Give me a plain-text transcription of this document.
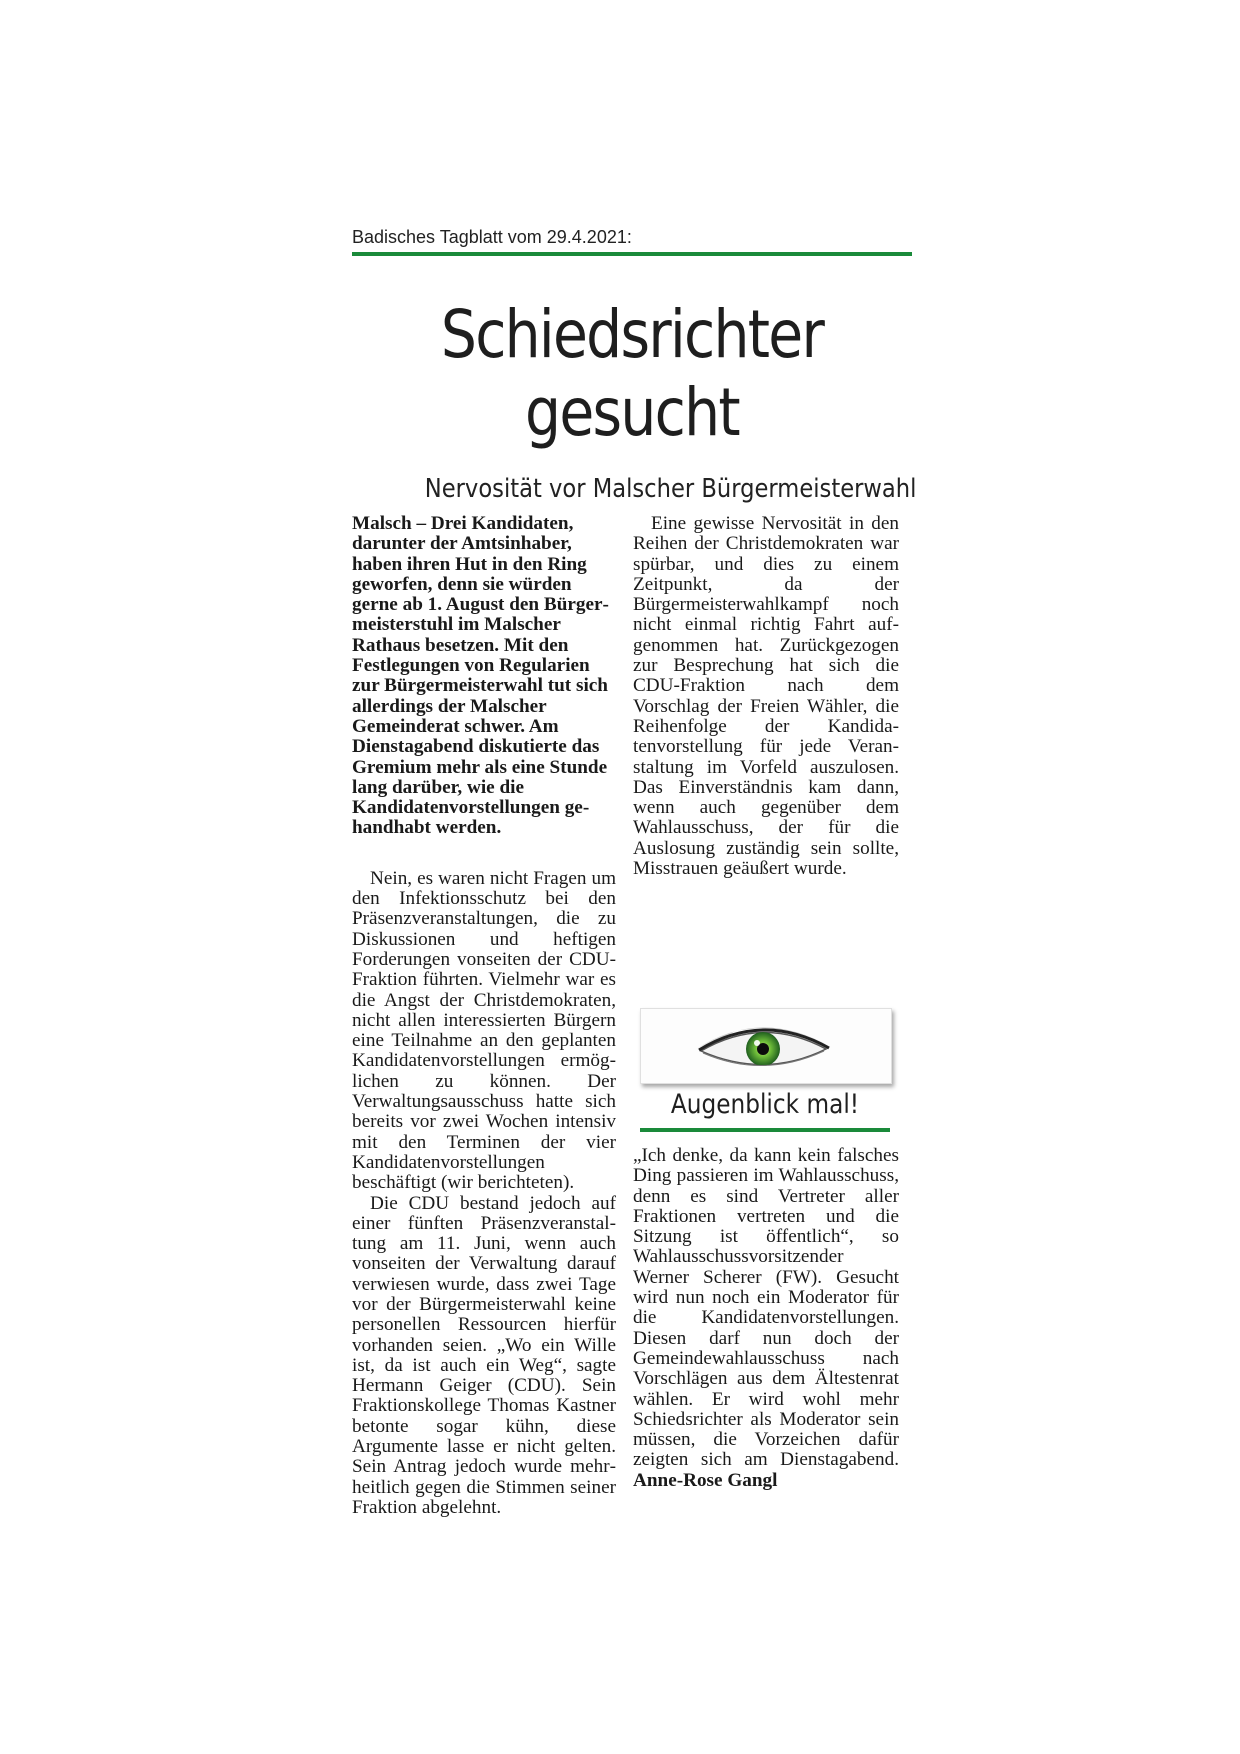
Badisches Tagblatt vom 29.4.2021:
Schiedsrichter
gesucht
Nervosität vor Malscher Bürgermeisterwahl

Malsch – Drei Kandidaten, darunter der Amtsinhaber, haben ihren Hut in den Ring geworfen, denn sie würden gerne ab 1. August den Bürgermeisterstuhl im Malscher Rathaus besetzen. Mit den Festlegungen von Regularien zur Bürgermeisterwahl tut sich allerdings der Malscher Gemeinderat schwer. Am Dienstagabend diskutierte das Gremium mehr als eine Stunde lang darüber, wie die Kandidatenvorstellungen gehandhabt werden.

Nein, es waren nicht Fragen um den Infektionsschutz bei den Präsenzveranstaltungen, die zu Diskussionen und heftigen Forderungen vonseiten der CDU-Fraktion führten. Vielmehr war es die Angst der Christdemokraten, nicht allen interessierten Bürgern eine Teilnahme an den geplanten Kandidatenvorstellungen ermöglichen zu können. Der Verwaltungsausschuss hatte sich bereits vor zwei Wochen intensiv mit den Terminen der vier Kandidatenvorstellungen beschäftigt (wir berichteten).

Die CDU bestand jedoch auf einer fünften Präsenzveranstaltung am 11. Juni, wenn auch vonseiten der Verwaltung darauf verwiesen wurde, dass zwei Tage vor der Bürgermeisterwahl keine personellen Ressourcen hierfür vorhanden seien. „Wo ein Wille ist, da ist auch ein Weg“, sagte Hermann Geiger (CDU). Sein Fraktionskollege Thomas Kastner betonte sogar kühn, diese Argumente lasse er nicht gelten. Sein Antrag jedoch wurde mehrheitlich gegen die Stimmen seiner Fraktion abgelehnt.

Eine gewisse Nervosität in den Reihen der Christdemokraten war spürbar, und dies zu einem Zeitpunkt, da der Bürgermeisterwahlkampf noch nicht einmal richtig Fahrt aufgenommen hat. Zurückgezogen zur Besprechung hat sich die CDU-Fraktion nach dem Vorschlag der Freien Wähler, die Reihenfolge der Kandidatenvorstellung für jede Veranstaltung im Vorfeld auszulosen. Das Einverständnis kam dann, wenn auch gegenüber dem Wahlausschuss, der für die Auslosung zuständig sein sollte, Misstrauen geäußert wurde.

Augenblick mal!

„Ich denke, da kann kein falsches Ding passieren im Wahlausschuss, denn es sind Vertreter aller Fraktionen vertreten und die Sitzung ist öffentlich“, so Wahlausschussvorsitzender Werner Scherer (FW). Gesucht wird nun noch ein Moderator für die Kandidatenvorstellungen. Diesen darf nun doch der Gemeindewahlausschuss nach Vorschlägen aus dem Ältestenrat wählen. Er wird wohl mehr Schiedsrichter als Moderator sein müssen, die Vorzeichen dafür zeigten sich am Dienstagabend. Anne-Rose Gangl
